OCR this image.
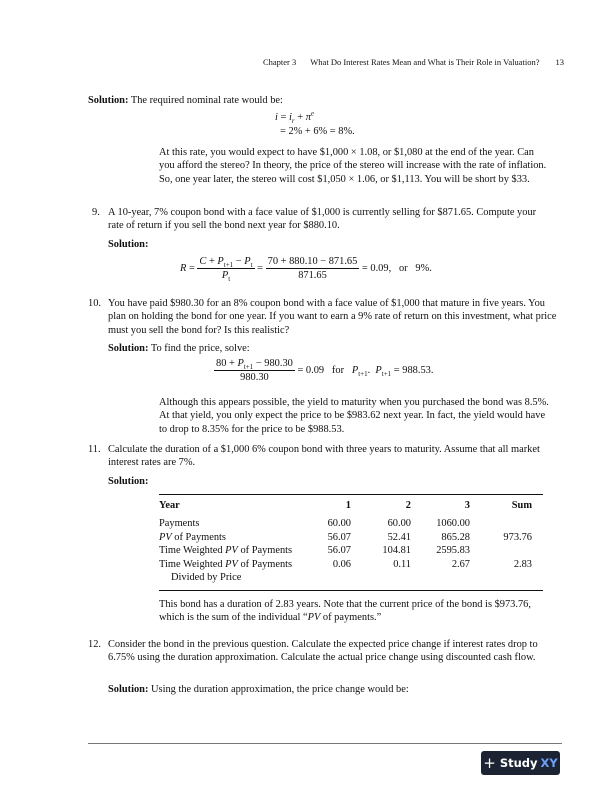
Chapter 3 What Do Interest Rates Mean and What is Their Role in Valuation? 13
Solution: The required nominal rate would be:
$i = i_r + \pi^e$
= 2% + 6% = 8%.
At this rate, you would expect to have $1,000 × 1.08, or $1,080 at the end of the year. Can you afford the stereo? In theory, the price of the stereo will increase with the rate of inflation. So, one year later, the stereo will cost $1,050 × 1.06, or $1,113. You will be short by $33.
9. A 10-year, 7% coupon bond with a face value of $1,000 is currently selling for $871.65. Compute your rate of return if you sell the bond next year for $880.10.
Solution:
$R = \frac{C + P_{t+1} - P_t}{P_t} = \frac{70 + 880.10 - 871.65}{871.65} = 0.09$, or 9%.
10. You have paid $980.30 for an 8% coupon bond with a face value of $1,000 that mature in five years. You plan on holding the bond for one year. If you want to earn a 9% rate of return on this investment, what price must you sell the bond for? Is this realistic?
Solution: To find the price, solve:
$\frac{80 + P_{t+1} - 980.30}{980.30} = 0.09$ for $P_{t+1}$. $P_{t+1} = 988.53$.
Although this appears possible, the yield to maturity when you purchased the bond was 8.5%. At that yield, you only expect the price to be $983.62 next year. In fact, the yield would have to drop to 8.35% for the price to be $988.53.
11. Calculate the duration of a $1,000 6% coupon bond with three years to maturity. Assume that all market interest rates are 7%.
Solution:
Year	1	2	3	Sum

Payments	60.00	60.00	1060.00	
PV of Payments	56.07	52.41	865.28	973.76
Time Weighted PV of Payments	56.07	104.81	2595.83	
Time Weighted PV of Payments
Divided by Price	0.06	0.11	2.67	2.83
This bond has a duration of 2.83 years. Note that the current price of the bond is $973.76, which is the sum of the individual “PV of payments.”
12. Consider the bond in the previous question. Calculate the expected price change if interest rates drop to 6.75% using the duration approximation. Calculate the actual price change using discounted cash flow.
Solution: Using the duration approximation, the price change would be:
+ Study XY
